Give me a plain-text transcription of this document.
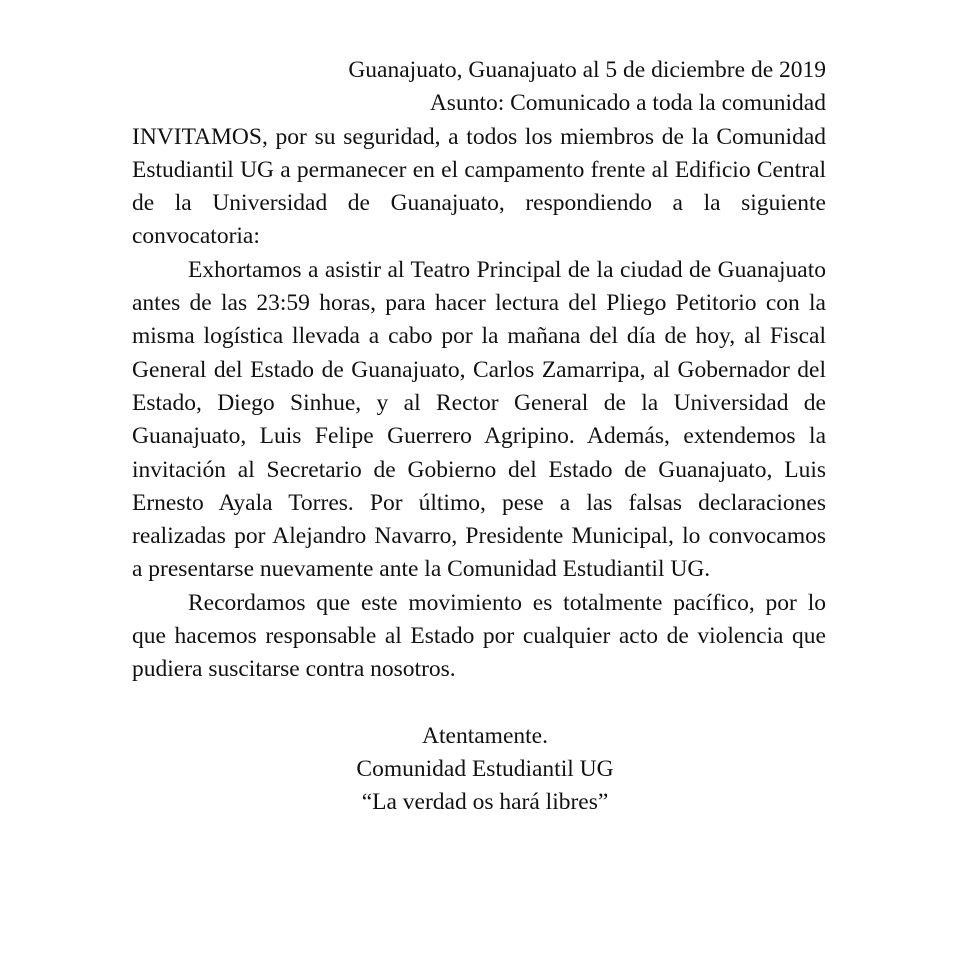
Guanajuato, Guanajuato al 5 de diciembre de 2019

Asunto: Comunicado a toda la comunidad

INVITAMOS, por su seguridad, a todos los miembros de la Comunidad Estudiantil UG a permanecer en el campamento frente al Edificio Central de la Universidad de Guanajuato, respondiendo a la siguiente convocatoria:

Exhortamos a asistir al Teatro Principal de la ciudad de Guanajuato antes de las 23:59 horas, para hacer lectura del Pliego Petitorio con la misma logística llevada a cabo por la mañana del día de hoy, al Fiscal General del Estado de Guanajuato, Carlos Zamarripa, al Gobernador del Estado, Diego Sinhue, y al Rector General de la Universidad de Guanajuato, Luis Felipe Guerrero Agripino. Además, extendemos la invitación al Secretario de Gobierno del Estado de Guanajuato, Luis Ernesto Ayala Torres. Por último, pese a las falsas declaraciones realizadas por Alejandro Navarro, Presidente Municipal, lo convocamos a presentarse nuevamente ante la Comunidad Estudiantil UG.

Recordamos que este movimiento es totalmente pacífico, por lo que hacemos responsable al Estado por cualquier acto de violencia que pudiera suscitarse contra nosotros.

Atentamente.
Comunidad Estudiantil UG
“La verdad os hará libres”
